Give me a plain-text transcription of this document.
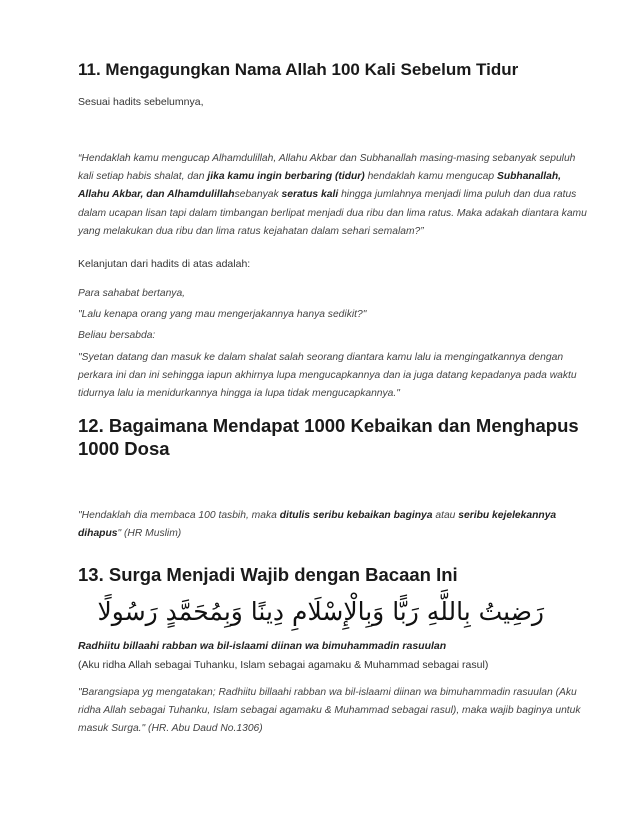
11. Mengagungkan Nama Allah 100 Kali Sebelum Tidur

Sesuai hadits sebelumnya,

“Hendaklah kamu mengucap Alhamdulillah, Allahu Akbar dan Subhanallah masing-masing sebanyak sepuluh kali setiap habis shalat, dan jika kamu ingin berbaring (tidur) hendaklah kamu mengucap Subhanallah, Allahu Akbar, dan Alhamdulillahsebanyak seratus kali hingga jumlahnya menjadi lima puluh dan dua ratus dalam ucapan lisan tapi dalam timbangan berlipat menjadi dua ribu dan lima ratus. Maka adakah diantara kamu yang melakukan dua ribu dan lima ratus kejahatan dalam sehari semalam?”

Kelanjutan dari hadits di atas adalah:

Para sahabat bertanya,

"Lalu kenapa orang yang mau mengerjakannya hanya sedikit?"

Beliau bersabda:

"Syetan datang dan masuk ke dalam shalat salah seorang diantara kamu lalu ia mengingatkannya dengan perkara ini dan ini sehingga iapun akhirnya lupa mengucapkannya dan ia juga datang kepadanya pada waktu tidurnya lalu ia menidurkannya hingga ia lupa tidak mengucapkannya."

12. Bagaimana Mendapat 1000 Kebaikan dan Menghapus 1000 Dosa

"Hendaklah dia membaca 100 tasbih, maka ditulis seribu kebaikan baginya atau seribu kejelekannya dihapus" (HR Muslim)

13. Surga Menjadi Wajib dengan Bacaan Ini
رَضِيتُ بِاللَّهِ رَبًّا وَبِالْإِسْلَامِ دِينًا وَبِمُحَمَّدٍ رَسُولًا

Radhiitu billaahi rabban wa bil-islaami diinan wa bimuhammadin rasuulan

(Aku ridha Allah sebagai Tuhanku, Islam sebagai agamaku & Muhammad sebagai rasul)

"Barangsiapa yg mengatakan; Radhiitu billaahi rabban wa bil-islaami diinan wa bimuhammadin rasuulan (Aku ridha Allah sebagai Tuhanku, Islam sebagai agamaku & Muhammad sebagai rasul), maka wajib baginya untuk masuk Surga." (HR. Abu Daud No.1306)
